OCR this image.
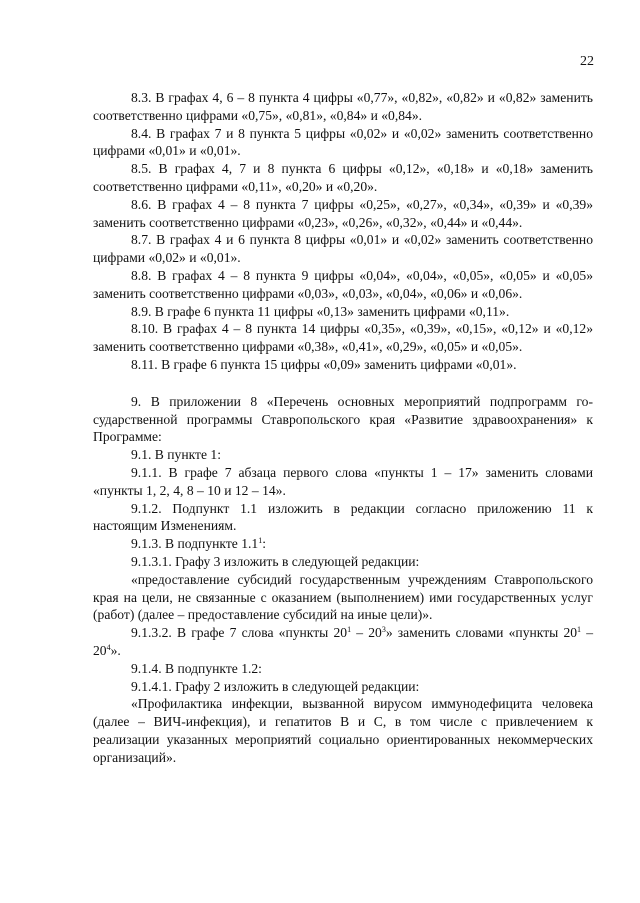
22

8.3. В графах 4, 6 – 8 пункта 4 цифры «0,77», «0,82», «0,82» и «0,82» заменить соответственно цифрами «0,75», «0,81», «0,84» и «0,84».

8.4. В графах 7 и 8 пункта 5 цифры «0,02» и «0,02» заменить соответственно цифрами «0,01» и «0,01».

8.5. В графах 4, 7 и 8 пункта 6 цифры «0,12», «0,18» и «0,18» заменить соответственно цифрами «0,11», «0,20» и «0,20».

8.6. В графах 4 – 8 пункта 7 цифры «0,25», «0,27», «0,34», «0,39» и «0,39» заменить соответственно цифрами «0,23», «0,26», «0,32», «0,44» и «0,44».

8.7. В графах 4 и 6 пункта 8 цифры «0,01» и «0,02» заменить соответственно цифрами «0,02» и «0,01».

8.8. В графах 4 – 8 пункта 9 цифры «0,04», «0,04», «0,05», «0,05» и «0,05» заменить соответственно цифрами «0,03», «0,03», «0,04», «0,06» и «0,06».

8.9. В графе 6 пункта 11 цифры «0,13» заменить цифрами «0,11».

8.10. В графах 4 – 8 пункта 14 цифры «0,35», «0,39», «0,15», «0,12» и «0,12» заменить соответственно цифрами «0,38», «0,41», «0,29», «0,05» и «0,05».

8.11. В графе 6 пункта 15 цифры «0,09» заменить цифрами «0,01».

9. В приложении 8 «Перечень основных мероприятий подпрограмм государственной программы Ставропольского края «Развитие здравоохранения» к Программе:

9.1. В пункте 1:

9.1.1. В графе 7 абзаца первого слова «пункты 1 – 17» заменить словами «пункты 1, 2, 4, 8 – 10 и 12 – 14».

9.1.2. Подпункт 1.1 изложить в редакции согласно приложению 11 к настоящим Изменениям.

9.1.3. В подпункте $1.1^1$:

9.1.3.1. Графу 3 изложить в следующей редакции:

«предоставление субсидий государственным учреждениям Ставропольского края на цели, не связанные с оказанием (выполнением) ими государственных услуг (работ) (далее – предоставление субсидий на иные цели)».

9.1.3.2. В графе 7 слова «пункты $20^1 - 20^3$» заменить словами «пункты $20^1 - 20^4$».

9.1.4. В подпункте 1.2:

9.1.4.1. Графу 2 изложить в следующей редакции:

«Профилактика инфекции, вызванной вирусом иммунодефицита человека (далее – ВИЧ-инфекция), и гепатитов В и С, в том числе с привлечением к реализации указанных мероприятий социально ориентированных некоммерческих организаций».
